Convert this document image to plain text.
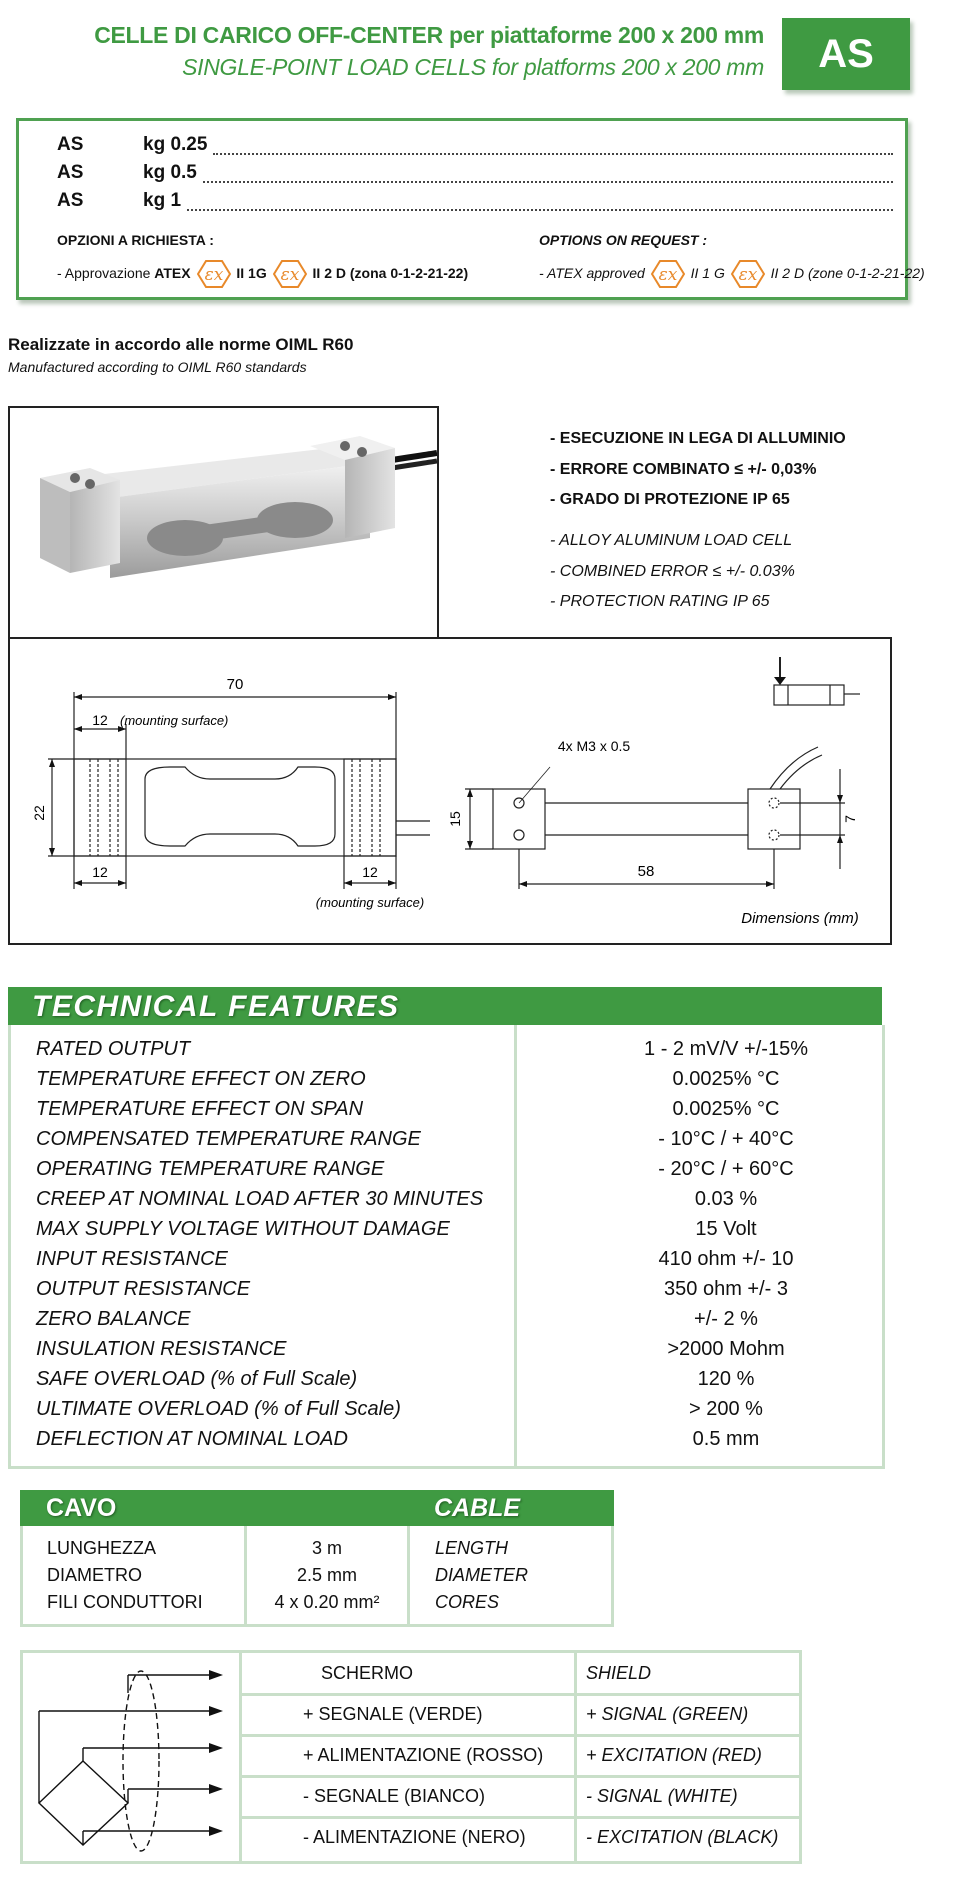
CELLE DI CARICO OFF-CENTER per piattaforme 200 x 200 mm
SINGLE-POINT LOAD CELLS for platforms 200 x 200 mm	AS
AS	kg 0.25
AS	kg 0.5
AS	kg 1
OPZIONI A RICHIESTA :
- Approvazione ATEX εx II 1G εx II 2 D (zona 0-1-2-21-22)
OPTIONS ON REQUEST :
- ATEX approved εx II 1 G εx II 2 D (zone 0-1-2-21-22)
Realizzate in accordo alle norme OIML R60
Manufactured according to OIML R60 standards
- ESECUZIONE IN LEGA DI ALLUMINIO
- ERRORE COMBINATO ≤ +/- 0,03%
- GRADO DI PROTEZIONE IP 65
- ALLOY ALUMINUM LOAD CELL
- COMBINED ERROR ≤ +/- 0.03%
- PROTECTION RATING IP 65
70
12 (mounting surface)
22
12	12
(mounting surface)
4x M3 x 0.5
15
58
7
Dimensions (mm)
TECHNICAL FEATURES
RATED OUTPUT	1 - 2 mV/V +/-15%
TEMPERATURE EFFECT ON ZERO	0.0025% °C
TEMPERATURE EFFECT ON SPAN	0.0025% °C
COMPENSATED TEMPERATURE RANGE	- 10°C / + 40°C
OPERATING TEMPERATURE RANGE	- 20°C / + 60°C
CREEP AT NOMINAL LOAD AFTER 30 MINUTES	0.03 %
MAX SUPPLY VOLTAGE WITHOUT DAMAGE	15 Volt
INPUT RESISTANCE	410 ohm +/- 10
OUTPUT RESISTANCE	350 ohm +/- 3
ZERO BALANCE	+/- 2 %
INSULATION RESISTANCE	>2000 Mohm
SAFE OVERLOAD (% of Full Scale)	120 %
ULTIMATE OVERLOAD (% of Full Scale)	> 200 %
DEFLECTION AT NOMINAL LOAD	0.5 mm
CAVO	CABLE
LUNGHEZZA	3 m	LENGTH
DIAMETRO	2.5 mm	DIAMETER
FILI CONDUTTORI	4 x 0.20 mm²	CORES
SCHERMO	SHIELD
+ SEGNALE (VERDE)	+ SIGNAL (GREEN)
+ ALIMENTAZIONE (ROSSO) + EXCITATION (RED)
- SEGNALE (BIANCO)	- SIGNAL (WHITE)
- ALIMENTAZIONE (NERO)	- EXCITATION (BLACK)
